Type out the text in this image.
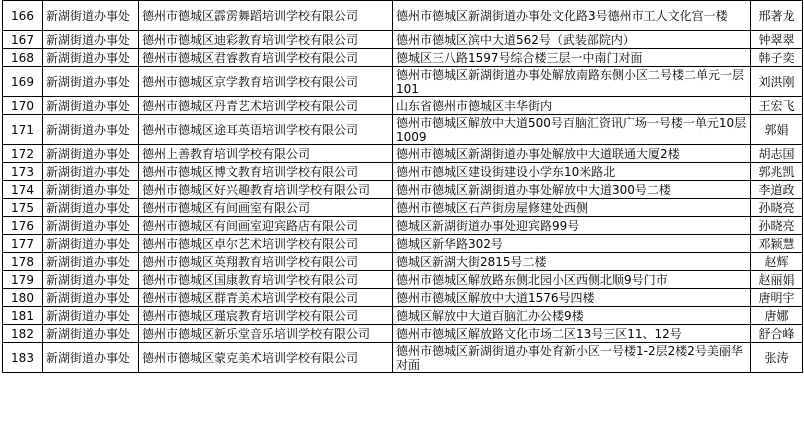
166	新湖街道办事处	德州市德城区霹雳舞蹈培训学校有限公司	德州市德城区新湖街道办事处文化路3号德州市工人文化宫一楼	邢著龙
167	新湖街道办事处	德州市德城区迪彩教育培训学校有限公司	德州市德城区滨中大道562号（武装部院内）	钟翠翠
168	新湖街道办事处	德州市德城区君睿教育培训学校有限公司	德城区三八路1597号综合楼三层一中南门对面	韩子奕
169	新湖街道办事处	德州市德城区京学教育培训学校有限公司	德州市德城区新湖街道办事处解放南路东侧小区二号楼二单元一层101	刘洪刚
170	新湖街道办事处	德州市德城区丹青艺术培训学校有限公司	山东省德州市德城区丰华街内	王宏飞
171	新湖街道办事处	德州市德城区途耳英语培训学校有限公司	德州市德城区解放中大道500号百脑汇资讯广场一号楼一单元10层1009	郭娟
172	新湖街道办事处	德州上善教育培训学校有限公司	德州市德城区新湖街道办事处解放中大道联通大厦2楼	胡志国
173	新湖街道办事处	德州市德城区博文教育培训学校有限公司	德州市德城区建设街建设小学东10米路北	郭兆凯
174	新湖街道办事处	德州市德城区好兴趣教育培训学校有限公司	德州市德城区新湖街道办事处解放中大道300号二楼	李道政
175	新湖街道办事处	德州市德城区有间画室有限公司	德州市德城区石芦街房屋修建处西侧	孙晓亮
176	新湖街道办事处	德州市德城区有间画室迎宾路店有限公司	德城区新湖街道办事处迎宾路99号	孙晓亮
177	新湖街道办事处	德州市德城区卓尔艺术培训学校有限公司	德城区新华路302号	邓颖慧
178	新湖街道办事处	德州市德城区英翔教育培训学校有限公司	德城区新湖大街2815号二楼	赵辉
179	新湖街道办事处	德州市德城区国康教育培训学校有限公司	德州市德城区解放路东侧北园小区西侧北顺9号门市	赵丽娟
180	新湖街道办事处	德州市德城区群青美术培训学校有限公司	德州市德城区解放中大道1576号四楼	唐明宇
181	新湖街道办事处	德州市德城区瑾宸教育培训学校有限公司	德城区解放中大道百脑汇办公楼9楼	唐娜
182	新湖街道办事处	德州市德城区新乐堂音乐培训学校有限公司	德州市德城区解放路文化市场二区13号三区11、12号	舒合峰
183	新湖街道办事处	德州市德城区蒙克美术培训学校有限公司	德州市德城区新湖街道办事处育新小区一号楼1-2层2楼2号美丽华对面	张涛
